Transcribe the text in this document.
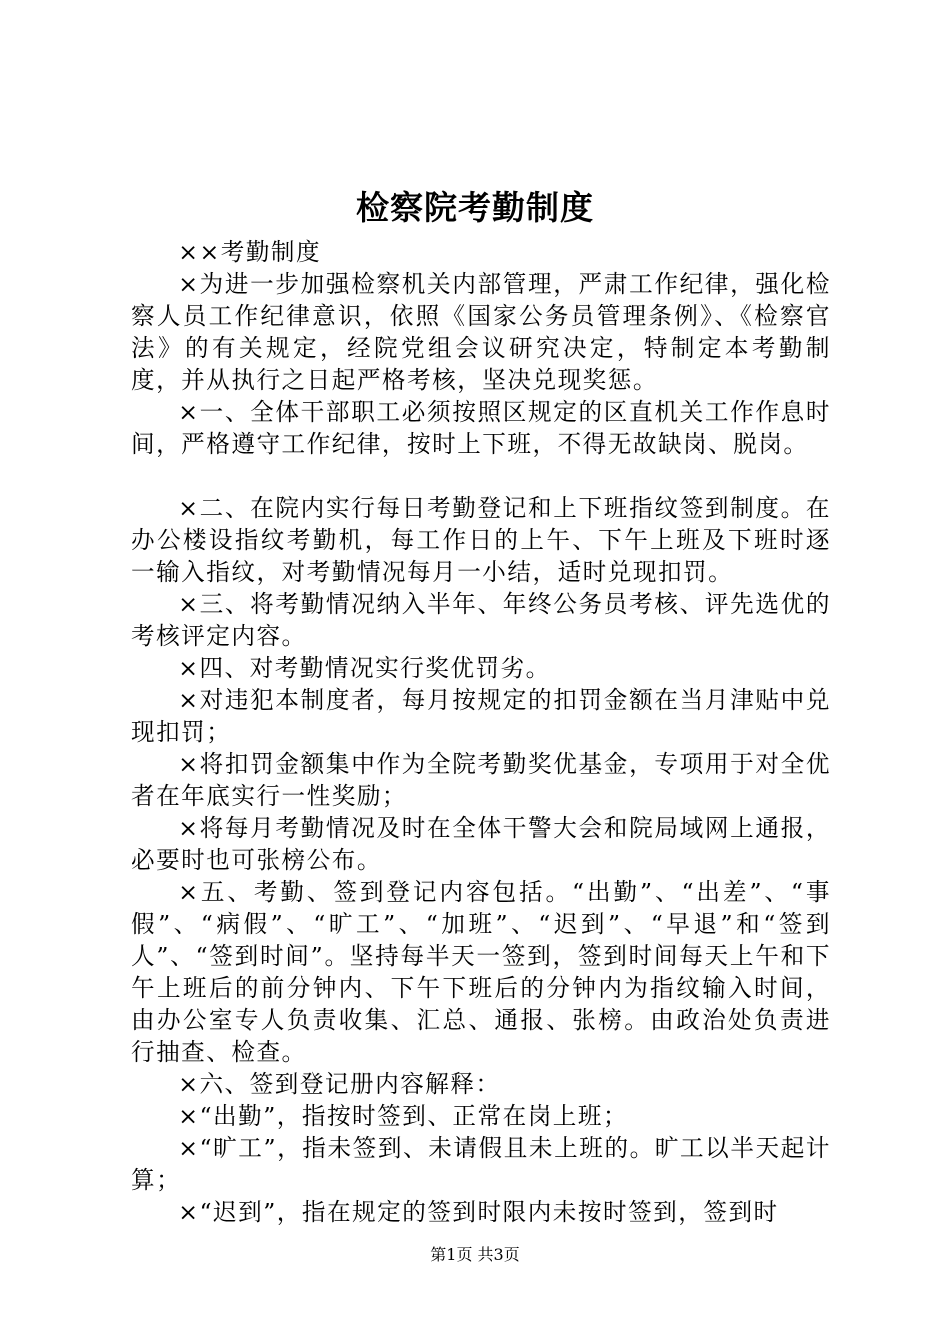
检察院考勤制度

××考勤制度

×为进一步加强检察机关内部管理，严肃工作纪律，强化检察人员工作纪律意识，依照《国家公务员管理条例》、《检察官法》的有关规定，经院党组会议研究决定，特制定本考勤制度，并从执行之日起严格考核，坚决兑现奖惩。

×一、全体干部职工必须按照区规定的区直机关工作作息时间，严格遵守工作纪律，按时上下班，不得无故缺岗、脱岗。

×二、在院内实行每日考勤登记和上下班指纹签到制度。在办公楼设指纹考勤机，每工作日的上午、下午上班及下班时逐一输入指纹，对考勤情况每月一小结，适时兑现扣罚。

×三、将考勤情况纳入半年、年终公务员考核、评先选优的考核评定内容。

×四、对考勤情况实行奖优罚劣。

×对违犯本制度者，每月按规定的扣罚金额在当月津贴中兑现扣罚；

×将扣罚金额集中作为全院考勤奖优基金，专项用于对全优者在年底实行一性奖励；

×将每月考勤情况及时在全体干警大会和院局域网上通报，必要时也可张榜公布。

×五、考勤、签到登记内容包括。“出勤”、“出差”、“事假”、“病假”、“旷工”、“加班”、“迟到”、“早退”和“签到人”、“签到时间”。坚持每半天一签到，签到时间每天上午和下午上班后的前分钟内、下午下班后的分钟内为指纹输入时间，由办公室专人负责收集、汇总、通报、张榜。由政治处负责进行抽查、检查。

×六、签到登记册内容解释：

×“出勤”，指按时签到、正常在岗上班；

×“旷工”，指未签到、未请假且未上班的。旷工以半天起计算；

×“迟到”，指在规定的签到时限内未按时签到，签到时

第1页 共3页
